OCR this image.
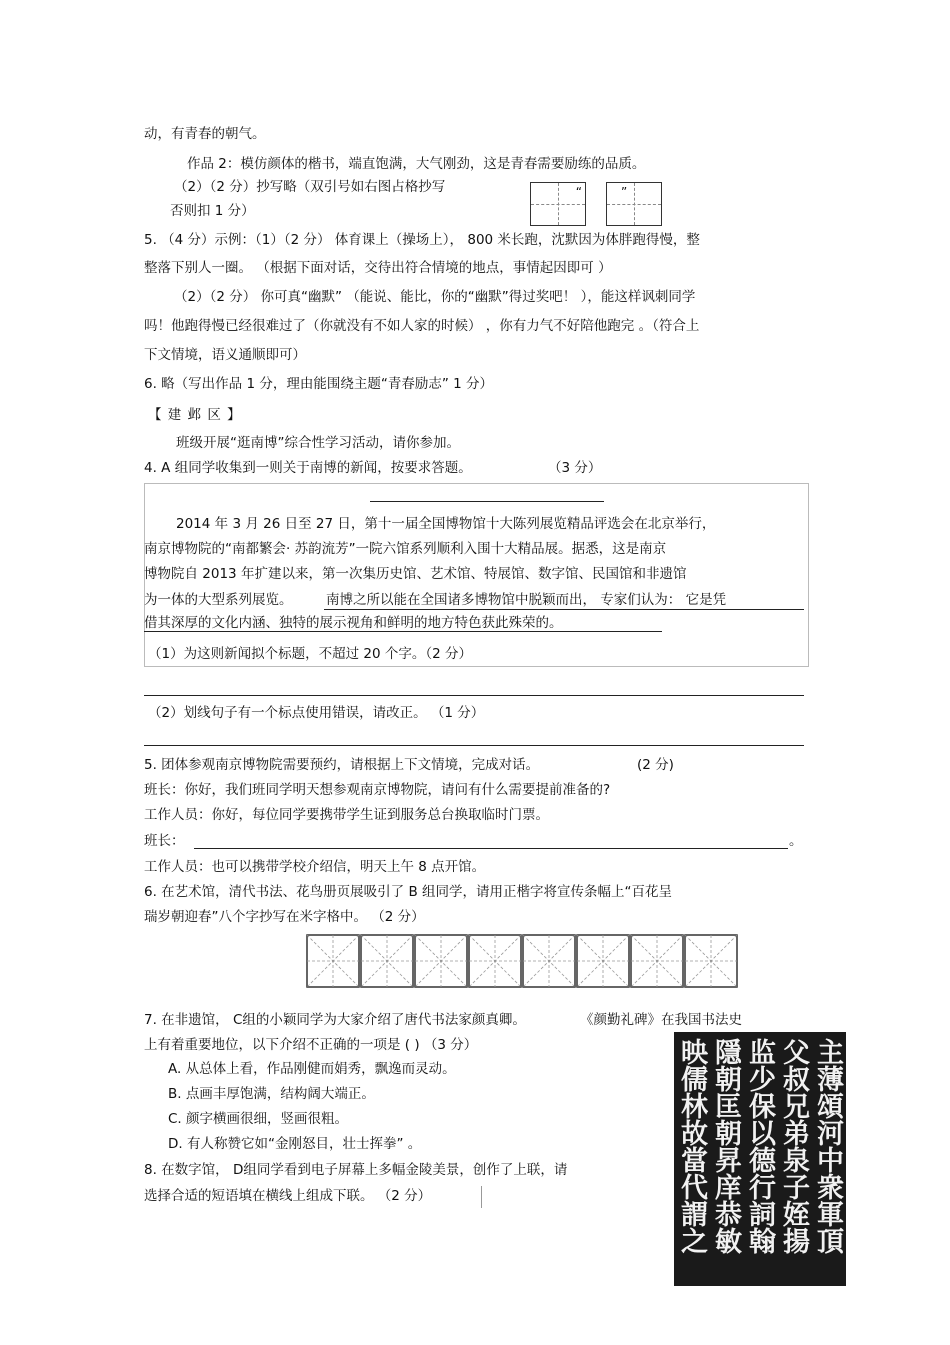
动，有青春的朝气。
作品 2：模仿颜体的楷书，端直饱满，大气刚劲，这是青春需要励练的品质。
（2）（2 分）抄写略（双引号如右图占格抄写
否则扣 1 分）
“	”
5. （4 分）示例：（1）（2 分） 体育课上（操场上）， 800 米长跑，沈默因为体胖跑得慢，整
整落下别人一圈。 （根据下面对话，交待出符合情境的地点，事情起因即可 ）
（2）（2 分） 你可真“幽默” （能说、能比，你的“幽默”得过奖吧！ ），能这样讽刺同学
吗！他跑得慢已经很难过了（你就没有不如人家的时候） ，你有力气不好陪他跑完 。（符合上
下文情境，语义通顺即可）
6. 略（写出作品 1 分，理由能围绕主题“青春励志” 1 分）
【 建 邺 区 】
班级开展“逛南博”综合性学习活动，请你参加。
4. A 组同学收集到一则关于南博的新闻，按要求答题。	（3 分）
2014 年 3 月 26 日至 27 日，第十一届全国博物馆十大陈列展览精品评选会在北京举行，
南京博物院的“南都繁会· 苏韵流芳”一院六馆系列顺利入围十大精品展。据悉，这是南京
博物院自 2013 年扩建以来，第一次集历史馆、艺术馆、特展馆、数字馆、民国馆和非遗馆
为一体的大型系列展览。 南博之所以能在全国诸多博物馆中脱颖而出， 专家们认为： 它是凭
借其深厚的文化内涵、独特的展示视角和鲜明的地方特色获此殊荣的。
（1）为这则新闻拟个标题，不超过 20 个字。（2 分）
（2）划线句子有一个标点使用错误，请改正。 （1 分）
5. 团体参观南京博物院需要预约，请根据上下文情境，完成对话。	(2 分)
班长：你好，我们班同学明天想参观南京博物院，请问有什么需要提前准备的?
工作人员：你好，每位同学要携带学生证到服务总台换取临时门票。
班长：	。
工作人员：也可以携带学校介绍信，明天上午 8 点开馆。
6. 在艺术馆，清代书法、花鸟册页展吸引了 B 组同学，请用正楷字将宣传条幅上“百花呈
瑞岁朝迎春”八个字抄写在米字格中。 （2 分）
7. 在非遗馆， C组的小颖同学为大家介绍了唐代书法家颜真卿。	《颜勤礼碑》在我国书法史
上有着重要地位，以下介绍不正确的一项是 ( ) （3 分）
A. 从总体上看，作品刚健而娟秀，飘逸而灵动。
B. 点画丰厚饱满，结构阔大端正。
C. 颜字横画很细，竖画很粗。
D. 有人称赞它如“金刚怒目，壮士挥拳” 。
8. 在数字馆， D组同学看到电子屏幕上多幅金陵美景，创作了上联，请
选择合适的短语填在横线上组成下联。 （2 分）	主薄頌河中衆軍頂
父叔兄弟泉子姪揚
监少保以德行詞翰
隱朝匡朝昇庠恭敏
映儒林故當代謂之
